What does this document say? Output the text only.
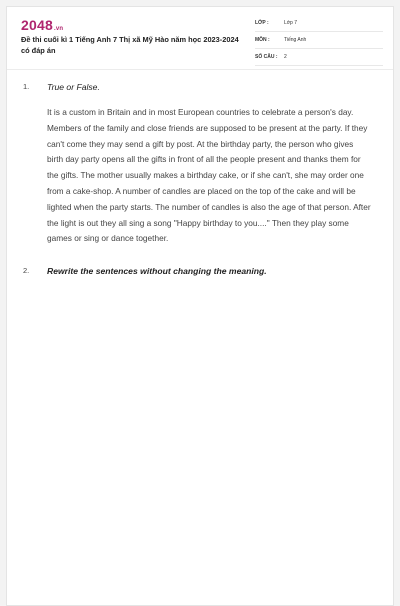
2048.vn
Đề thi cuối kì 1 Tiếng Anh 7 Thị xã Mỹ Hào năm học 2023-2024 có đáp án
LỚP :	Lớp 7
MÔN :	Tiếng Anh
SỐ CÂU : 2
1. True or False.
It is a custom in Britain and in most European countries to celebrate a person's day. Members of the family and close friends are supposed to be present at the party. If they can't come they may send a gift by post. At the birthday party, the person who gives birth day party opens all the gifts in front of all the people present and thanks them for the gifts. The mother usually makes a birthday cake, or if she can't, she may order one from a cake-shop. A number of candles are placed on the top of the cake and will be lighted when the party starts. The number of candles is also the age of that person. After the light is out they all sing a song "Happy birthday to you...." Then they play some games or sing or dance together.
2. Rewrite the sentences without changing the meaning.
